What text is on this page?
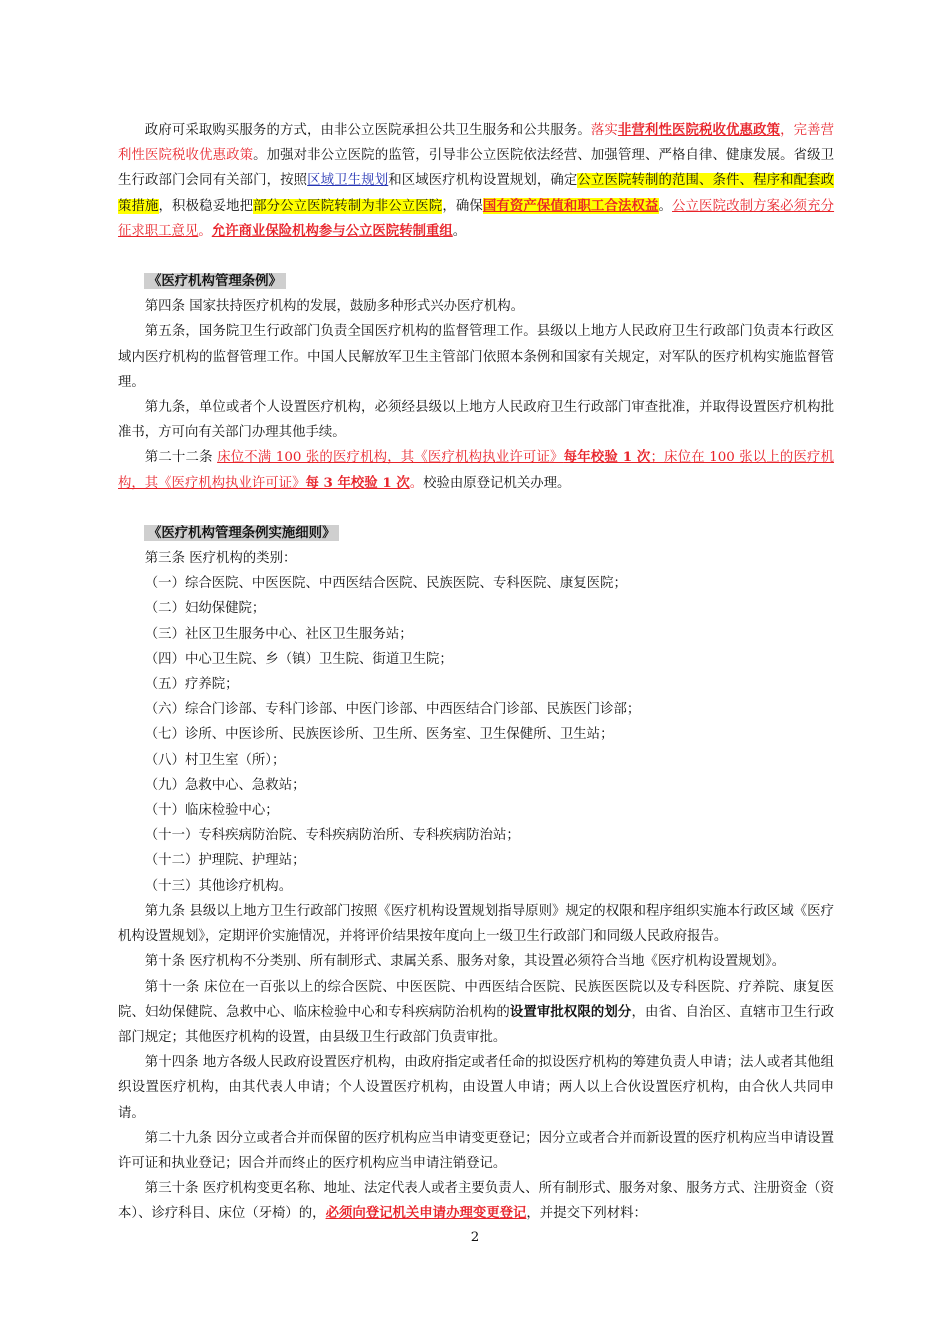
政府可采取购买服务的方式，由非公立医院承担公共卫生服务和公共服务。落实非营利性医院税收优惠政策，完善营利性医院税收优惠政策。加强对非公立医院的监管，引导非公立医院依法经营、加强管理、严格自律、健康发展。省级卫生行政部门会同有关部门，按照区域卫生规划和区域医疗机构设置规划，确定公立医院转制的范围、条件、程序和配套政策措施，积极稳妥地把部分公立医院转制为非公立医院，确保国有资产保值和职工合法权益。公立医院改制方案必须充分征求职工意见。允许商业保险机构参与公立医院转制重组。

《医疗机构管理条例》

第四条 国家扶持医疗机构的发展，鼓励多种形式兴办医疗机构。

第五条，国务院卫生行政部门负责全国医疗机构的监督管理工作。县级以上地方人民政府卫生行政部门负责本行政区域内医疗机构的监督管理工作。中国人民解放军卫生主管部门依照本条例和国家有关规定，对军队的医疗机构实施监督管理。

第九条，单位或者个人设置医疗机构，必须经县级以上地方人民政府卫生行政部门审查批准，并取得设置医疗机构批准书，方可向有关部门办理其他手续。

第二十二条 床位不满 100 张的医疗机构，其《医疗机构执业许可证》每年校验 1 次；床位在 100 张以上的医疗机构，其《医疗机构执业许可证》每 3 年校验 1 次。校验由原登记机关办理。

《医疗机构管理条例实施细则》

第三条 医疗机构的类别：

（一）综合医院、中医医院、中西医结合医院、民族医院、专科医院、康复医院；

（二）妇幼保健院；

（三）社区卫生服务中心、社区卫生服务站；

（四）中心卫生院、乡（镇）卫生院、街道卫生院；

（五）疗养院；

（六）综合门诊部、专科门诊部、中医门诊部、中西医结合门诊部、民族医门诊部；

（七）诊所、中医诊所、民族医诊所、卫生所、医务室、卫生保健所、卫生站；

（八）村卫生室（所）；

（九）急救中心、急救站；

（十）临床检验中心；

（十一）专科疾病防治院、专科疾病防治所、专科疾病防治站；

（十二）护理院、护理站；

（十三）其他诊疗机构。

第九条 县级以上地方卫生行政部门按照《医疗机构设置规划指导原则》规定的权限和程序组织实施本行政区域《医疗机构设置规划》，定期评价实施情况，并将评价结果按年度向上一级卫生行政部门和同级人民政府报告。

第十条 医疗机构不分类别、所有制形式、隶属关系、服务对象，其设置必须符合当地《医疗机构设置规划》。

第十一条 床位在一百张以上的综合医院、中医医院、中西医结合医院、民族医医院以及专科医院、疗养院、康复医院、妇幼保健院、急救中心、临床检验中心和专科疾病防治机构的设置审批权限的划分，由省、自治区、直辖市卫生行政部门规定；其他医疗机构的设置，由县级卫生行政部门负责审批。

第十四条 地方各级人民政府设置医疗机构，由政府指定或者任命的拟设医疗机构的筹建负责人申请；法人或者其他组织设置医疗机构，由其代表人申请；个人设置医疗机构，由设置人申请；两人以上合伙设置医疗机构，由合伙人共同申请。

第二十九条 因分立或者合并而保留的医疗机构应当申请变更登记；因分立或者合并而新设置的医疗机构应当申请设置许可证和执业登记；因合并而终止的医疗机构应当申请注销登记。

第三十条 医疗机构变更名称、地址、法定代表人或者主要负责人、所有制形式、服务对象、服务方式、注册资金（资本）、诊疗科目、床位（牙椅）的，必须向登记机关申请办理变更登记，并提交下列材料：

2
